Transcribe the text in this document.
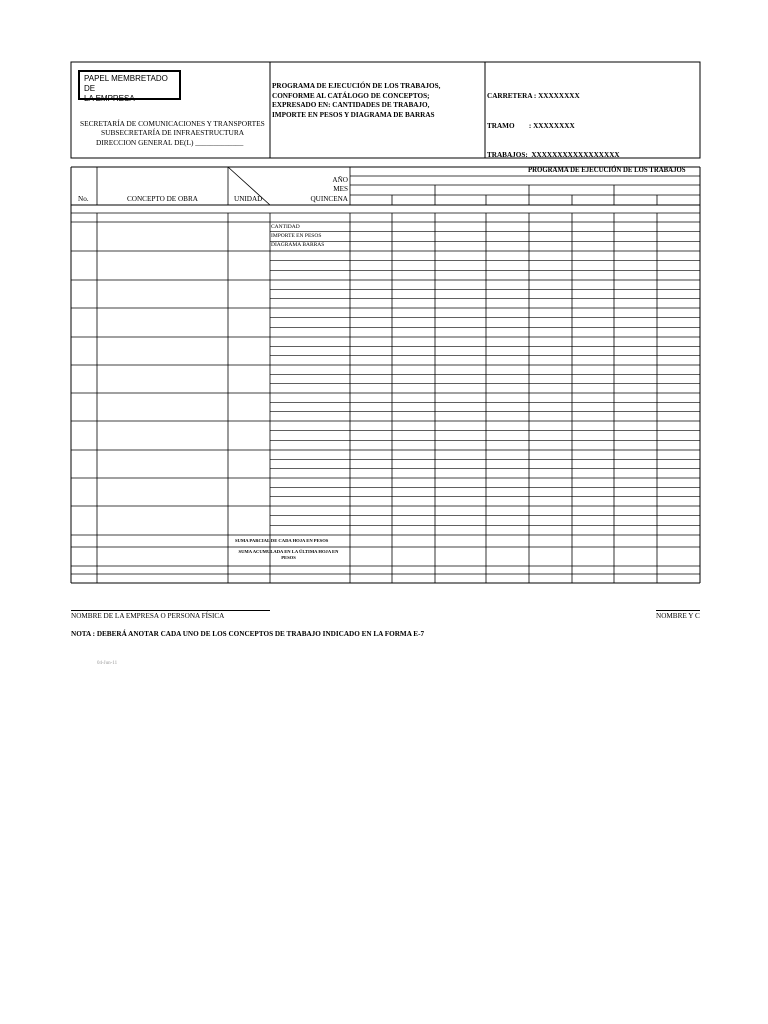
PAPEL MEMBRETADO DE
LA EMPRESA
SECRETARÍA DE COMUNICACIONES Y TRANSPORTES
SUBSECRETARÍA DE INFRAESTRUCTURA
DIRECCION GENERAL DE(L) _____________
PROGRAMA DE EJECUCIÓN DE LOS TRABAJOS,
CONFORME AL CATÁLOGO DE CONCEPTOS;
EXPRESADO EN: CANTIDADES DE TRABAJO,
IMPORTE EN PESOS Y DIAGRAMA DE BARRAS

CARRETERA : XXXXXXXX

TRAMO        : XXXXXXXX

TRABAJOS:  XXXXXXXXXXXXXXXXX

PROGRAMA DE EJECUCIÓN DE LOS TRABAJOS
AÑO
MES
QUINCENA
No.	CONCEPTO DE OBRA	UNIDAD
CANTIDAD
IMPORTE EN PESOS
DIAGRAMA BARRAS
SUMA PARCIAL DE CADA HOJA EN PESOS
SUMA ACUMULADA EN LA ÚLTIMA HOJA EN
PESOS
NOMBRE DE LA EMPRESA O PERSONA FÍSICA	NOMBRE Y C
NOTA : DEBERÁ ANOTAR CADA UNO DE LOS CONCEPTOS DE TRABAJO INDICADO EN LA FORMA E-7
04-Jun-11
